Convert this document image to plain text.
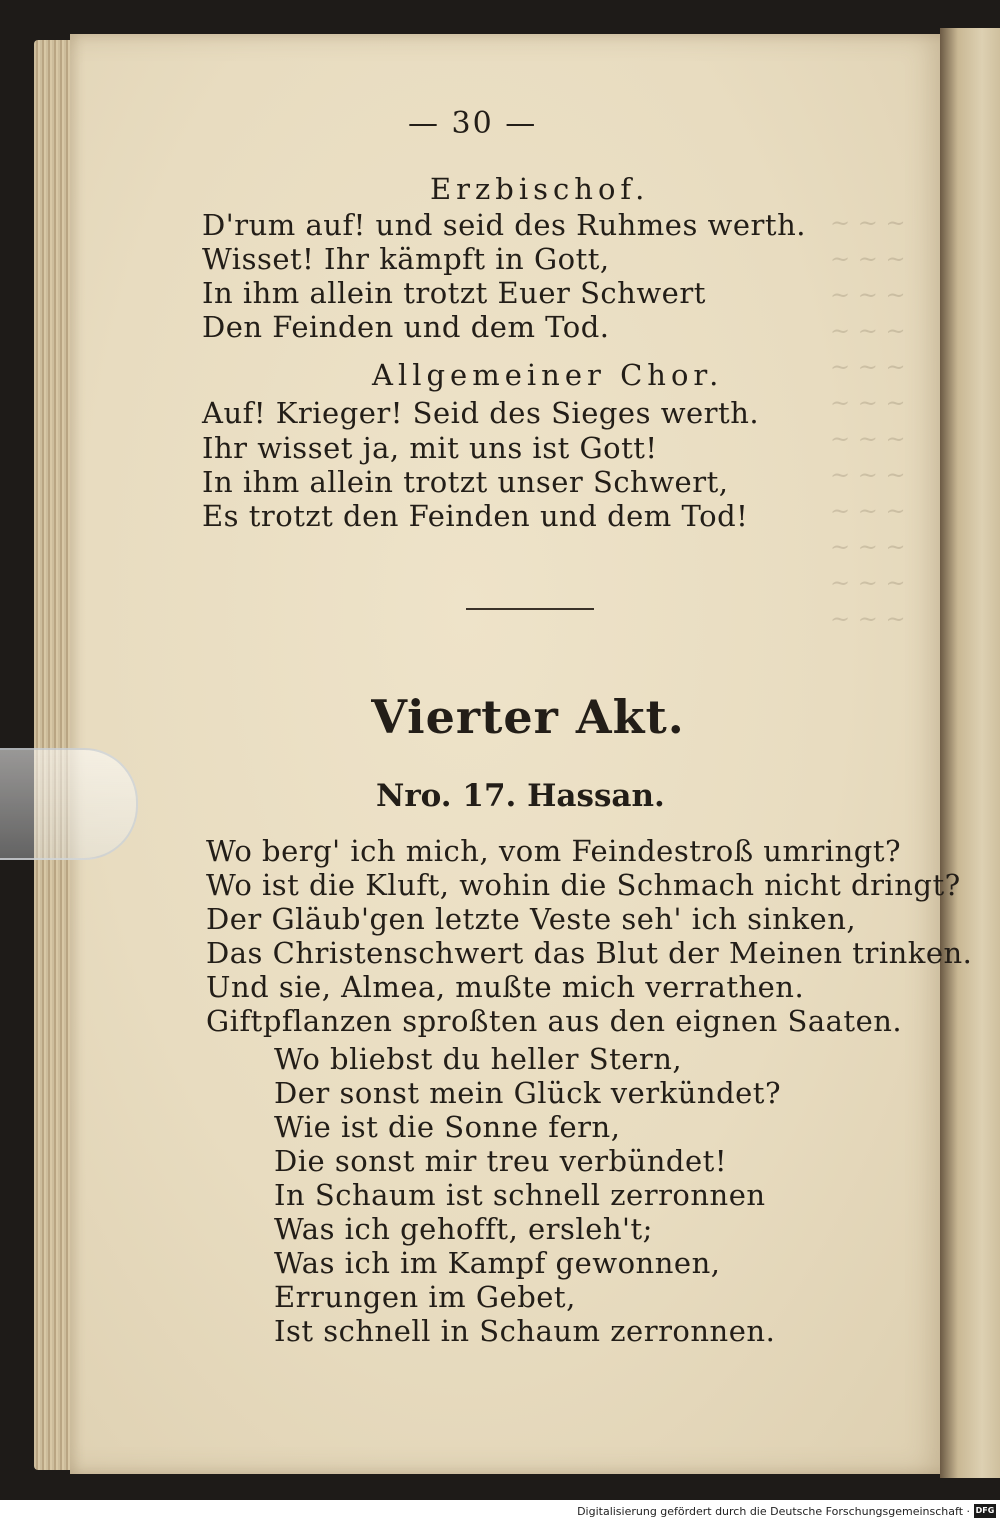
~ ~ ~
~ ~ ~
~ ~ ~
~ ~ ~
~ ~ ~
~ ~ ~
~ ~ ~
~ ~ ~
~ ~ ~
~ ~ ~
~ ~ ~
~ ~ ~
— 30 —
Erzbischof.
D'rum auf! und seid des Ruhmes werth.
Wisset! Ihr kämpft in Gott,
In ihm allein trotzt Euer Schwert
Den Feinden und dem Tod.
Allgemeiner Chor.
Auf! Krieger! Seid des Sieges werth.
Ihr wisset ja, mit uns ist Gott!
In ihm allein trotzt unser Schwert,
Es trotzt den Feinden und dem Tod!
Vierter Akt.
Nro. 17. Hassan.
Wo berg' ich mich, vom Feindestroß umringt?
Wo ist die Kluft, wohin die Schmach nicht dringt?
Der Gläub'gen letzte Veste seh' ich sinken,
Das Christenschwert das Blut der Meinen trinken.
Und sie, Almea, mußte mich verrathen.
Giftpflanzen sproßten aus den eignen Saaten.
Wo bliebst du heller Stern,
Der sonst mein Glück verkündet?
Wie ist die Sonne fern,
Die sonst mir treu verbündet!
In Schaum ist schnell zerronnen
Was ich gehofft, ersleh't;
Was ich im Kampf gewonnen,
Errungen im Gebet,
Ist schnell in Schaum zerronnen.
Digitalisierung gefördert durch die Deutsche Forschungsgemeinschaft · DFG
